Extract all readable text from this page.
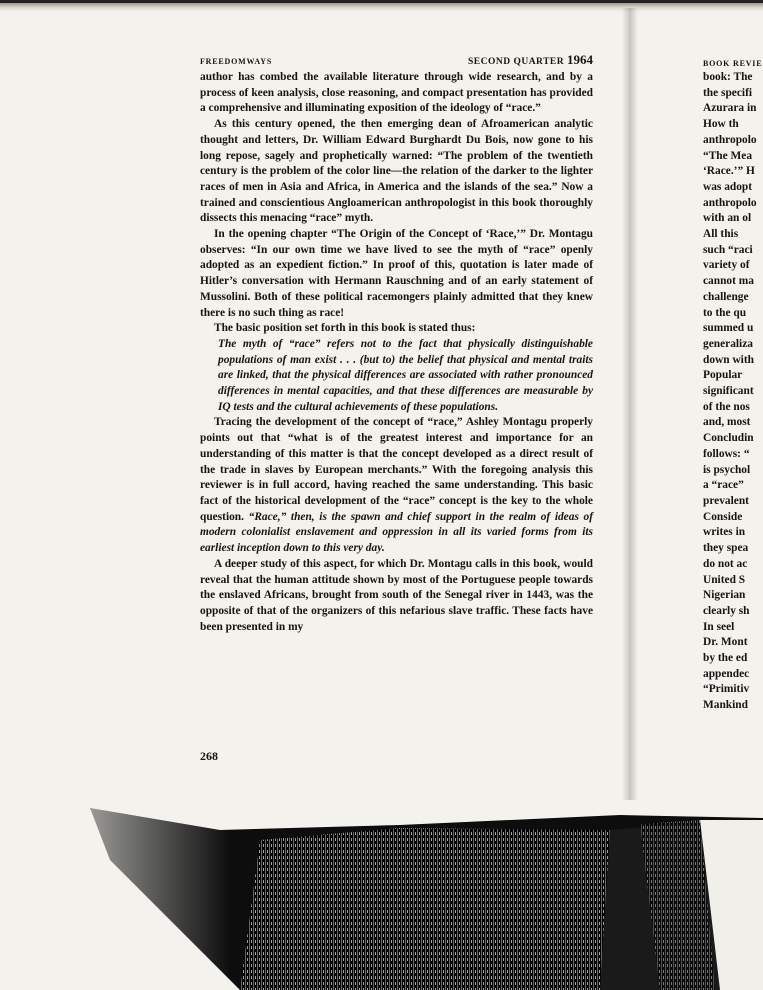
FREEDOMWAYS	SECOND QUARTER 1964

author has combed the available literature through wide research, and by a process of keen analysis, close reasoning, and compact presentation has provided a comprehensive and illuminating exposition of the ideology of “race.”

As this century opened, the then emerging dean of Afroamerican analytic thought and letters, Dr. William Edward Burghardt Du Bois, now gone to his long repose, sagely and prophetically warned: “The problem of the twentieth century is the problem of the color line—the relation of the darker to the lighter races of men in Asia and Africa, in America and the islands of the sea.” Now a trained and conscientious Angloamerican anthropologist in this book thoroughly dissects this menacing “race” myth.

In the opening chapter “The Origin of the Concept of ‘Race,’” Dr. Montagu observes: “In our own time we have lived to see the myth of “race” openly adopted as an expedient fiction.” In proof of this, quotation is later made of Hitler’s conversation with Hermann Rauschning and of an early statement of Mussolini. Both of these political racemongers plainly admitted that they knew there is no such thing as race!

The basic position set forth in this book is stated thus:

The myth of “race” refers not to the fact that physically distinguishable populations of man exist . . . (but to) the belief that physical and mental traits are linked, that the physical differences are associated with rather pronounced differences in mental capacities, and that these differences are measurable by IQ tests and the cultural achievements of these populations.

Tracing the development of the concept of “race,” Ashley Montagu properly points out that “what is of the greatest interest and importance for an understanding of this matter is that the concept developed as a direct result of the trade in slaves by European merchants.” With the foregoing analysis this reviewer is in full accord, having reached the same understanding. This basic fact of the historical development of the “race” concept is the key to the whole question. “Race,” then, is the spawn and chief support in the realm of ideas of modern colonialist enslavement and oppression in all its varied forms from its earliest inception down to this very day.

A deeper study of this aspect, for which Dr. Montagu calls in this book, would reveal that the human attitude shown by most of the Portuguese people towards the enslaved Africans, brought from south of the Senegal river in 1443, was the opposite of that of the organizers of this nefarious slave traffic. These facts have been presented in my

268
BOOK REVIE
book: The
the specifi
Azurara in
How th
anthropolo
“The Mea
‘Race.’” H
was adopt
anthropolo
with an ol
All this
such “raci
variety of
cannot ma
challenge
to the qu
summed u
generaliza
down with
Popular
significant
of the nos
and, most
Concludin
follows: “
is psychol
a “race”
prevalent
Conside
writes in
they spea
do not ac
United S
Nigerian
clearly sh
In seel
Dr. Mont
by the ed
appendec
“Primitiv
Mankind
